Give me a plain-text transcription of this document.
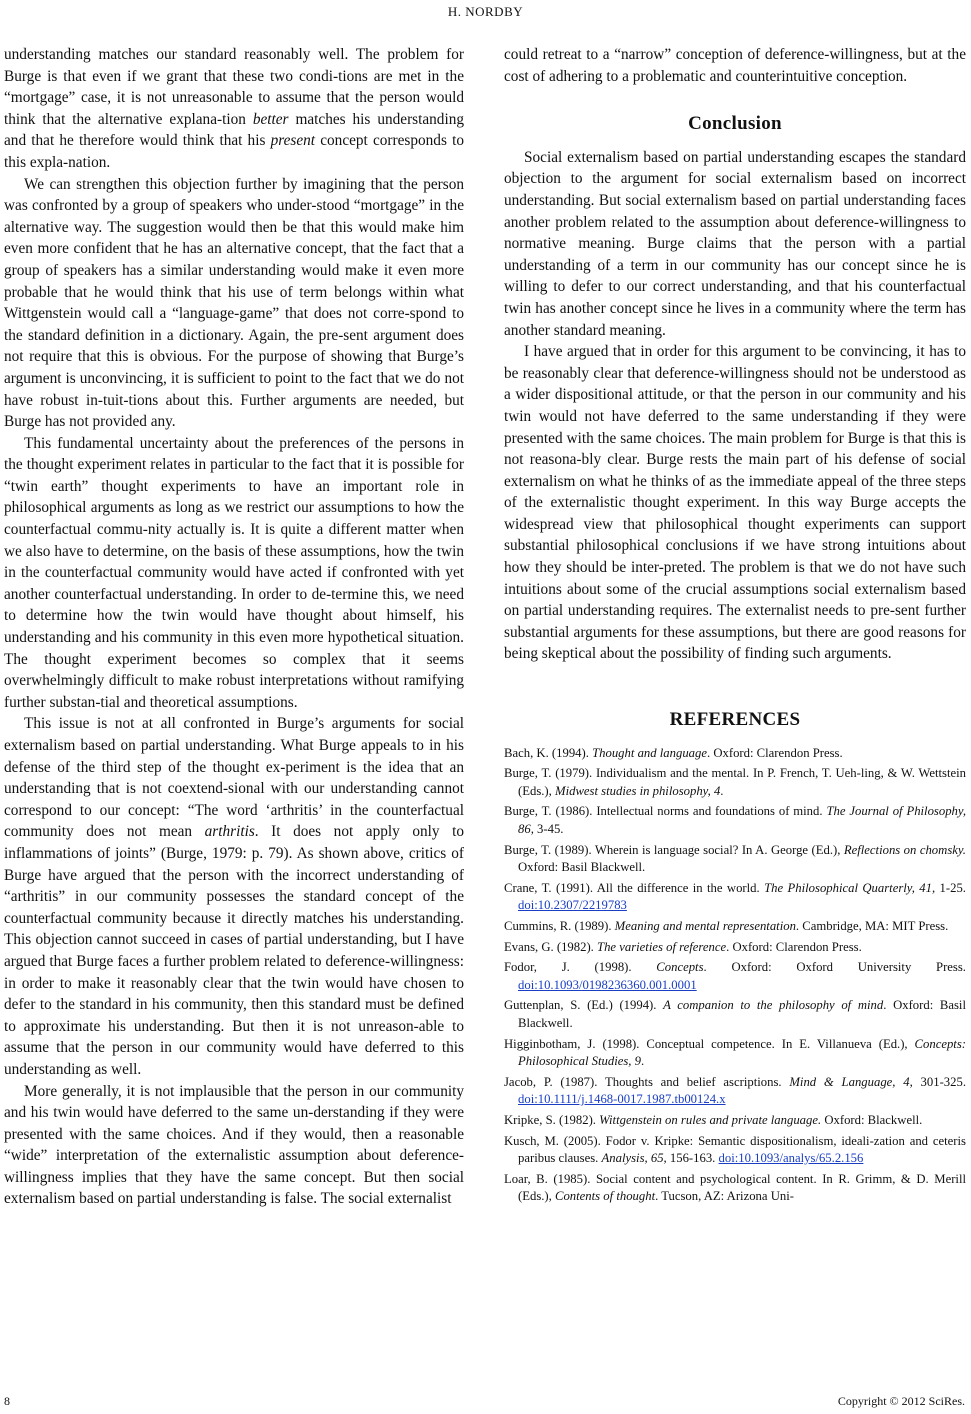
H. NORDBY

understanding matches our standard reasonably well. The problem for Burge is that even if we grant that these two condi-tions are met in the “mortgage” case, it is not unreasonable to assume that the person would think that the alternative explana-tion better matches his understanding and that he therefore would think that his present concept corresponds to this expla-nation.

We can strengthen this objection further by imagining that the person was confronted by a group of speakers who under-stood “mortgage” in the alternative way. The suggestion would then be that this would make him even more confident that he has an alternative concept, that the fact that a group of speakers has a similar understanding would make it even more probable that he would think that his use of term belongs within what Wittgenstein would call a “language-game” that does not corre-spond to the standard definition in a dictionary. Again, the pre-sent argument does not require that this is obvious. For the purpose of showing that Burge’s argument is unconvincing, it is sufficient to point to the fact that we do not have robust in-tuit-tions about this. Further arguments are needed, but Burge has not provided any.

This fundamental uncertainty about the preferences of the persons in the thought experiment relates in particular to the fact that it is possible for “twin earth” thought experiments to have an important role in philosophical arguments as long as we restrict our assumptions to how the counterfactual commu-nity actually is. It is quite a different matter when we also have to determine, on the basis of these assumptions, how the twin in the counterfactual community would have acted if confronted with yet another counterfactual understanding. In order to de-termine this, we need to determine how the twin would have thought about himself, his understanding and his community in this even more hypothetical situation. The thought experiment becomes so complex that it seems overwhelmingly difficult to make robust interpretations without ramifying further substan-tial and theoretical assumptions.

This issue is not at all confronted in Burge’s arguments for social externalism based on partial understanding. What Burge appeals to in his defense of the third step of the thought ex-periment is the idea that an understanding that is not coextend-sional with our understanding cannot correspond to our concept: “The word ‘arthritis’ in the counterfactual community does not mean arthritis. It does not apply only to inflammations of joints” (Burge, 1979: p. 79). As shown above, critics of Burge have argued that the person with the incorrect understanding of “arthritis” in our community possesses the standard concept of the counterfactual community because it directly matches his understanding. This objection cannot succeed in cases of partial understanding, but I have argued that Burge faces a further problem related to deference-willingness: in order to make it reasonably clear that the twin would have chosen to defer to the standard in his community, then this standard must be defined to approximate his understanding. But then it is not unreason-able to assume that the person in our community would have deferred to this understanding as well.

More generally, it is not implausible that the person in our community and his twin would have deferred to the same un-derstanding if they were presented with the same choices. And if they would, then a reasonable “wide” interpretation of the externalistic assumption about deference-willingness implies that they have the same concept. But then social externalism based on partial understanding is false. The social externalist

could retreat to a “narrow” conception of deference-willingness, but at the cost of adhering to a problematic and counterintuitive conception.

Conclusion

Social externalism based on partial understanding escapes the standard objection to the argument for social externalism based on incorrect understanding. But social externalism based on partial understanding faces another problem related to the assumption about deference-willingness to normative meaning. Burge claims that the person with a partial understanding of a term in our community has our concept since he is willing to defer to our correct understanding, and that his counterfactual twin has another concept since he lives in a community where the term has another standard meaning.

I have argued that in order for this argument to be convincing, it has to be reasonably clear that deference-willingness should not be understood as a wider dispositional attitude, or that the person in our community and his twin would not have deferred to the same understanding if they were presented with the same choices. The main problem for Burge is that this is not reasona-bly clear. Burge rests the main part of his defense of social externalism on what he thinks of as the immediate appeal of the three steps of the externalistic thought experiment. In this way Burge accepts the widespread view that philosophical thought experiments can support substantial philosophical conclusions if we have strong intuitions about how they should be inter-preted. The problem is that we do not have such intuitions about some of the crucial assumptions social externalism based on partial understanding requires. The externalist needs to pre-sent further substantial arguments for these assumptions, but there are good reasons for being skeptical about the possibility of finding such arguments.

REFERENCES
Bach, K. (1994). Thought and language. Oxford: Clarendon Press.
Burge, T. (1979). Individualism and the mental. In P. French, T. Ueh-ling, & W. Wettstein (Eds.), Midwest studies in philosophy, 4.
Burge, T. (1986). Intellectual norms and foundations of mind. The Journal of Philosophy, 86, 3-45.
Burge, T. (1989). Wherein is language social? In A. George (Ed.), Reflections on chomsky. Oxford: Basil Blackwell.
Crane, T. (1991). All the difference in the world. The Philosophical Quarterly, 41, 1-25. doi:10.2307/2219783
Cummins, R. (1989). Meaning and mental representation. Cambridge, MA: MIT Press.
Evans, G. (1982). The varieties of reference. Oxford: Clarendon Press.
Fodor, J. (1998). Concepts. Oxford: Oxford University Press. doi:10.1093/0198236360.001.0001
Guttenplan, S. (Ed.) (1994). A companion to the philosophy of mind. Oxford: Basil Blackwell.
Higginbotham, J. (1998). Conceptual competence. In E. Villanueva (Ed.), Concepts: Philosophical Studies, 9.
Jacob, P. (1987). Thoughts and belief ascriptions. Mind & Language, 4, 301-325. doi:10.1111/j.1468-0017.1987.tb00124.x
Kripke, S. (1982). Wittgenstein on rules and private language. Oxford: Blackwell.
Kusch, M. (2005). Fodor v. Kripke: Semantic dispositionalism, ideali-zation and ceteris paribus clauses. Analysis, 65, 156-163. doi:10.1093/analys/65.2.156
Loar, B. (1985). Social content and psychological content. In R. Grimm, & D. Merill (Eds.), Contents of thought. Tucson, AZ: Arizona Uni-
8	Copyright © 2012 SciRes.
